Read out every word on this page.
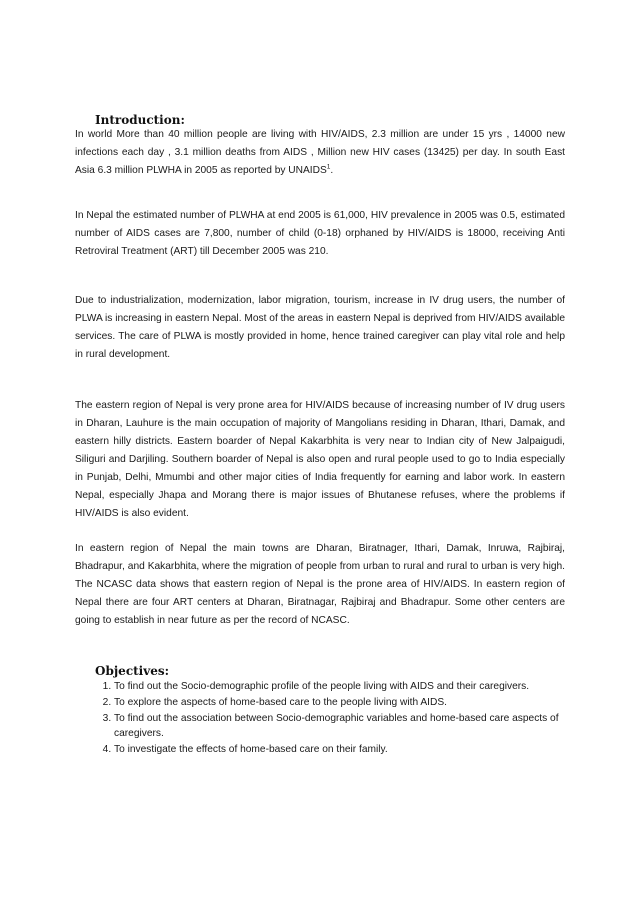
Introduction:

In world More than 40 million people are living with HIV/AIDS, 2.3 million are under 15 yrs , 14000 new infections each day , 3.1 million deaths from AIDS , Million new HIV cases (13425) per day. In south East Asia 6.3 million PLWHA in 2005 as reported by UNAIDS$^1$.

In Nepal the estimated number of PLWHA at end 2005 is 61,000, HIV prevalence in 2005 was 0.5, estimated number of AIDS cases are 7,800, number of child (0-18) orphaned by HIV/AIDS is 18000, receiving Anti Retroviral Treatment (ART) till December 2005 was 210.

Due to industrialization, modernization, labor migration, tourism, increase in IV drug users, the number of PLWA is increasing in eastern Nepal. Most of the areas in eastern Nepal is deprived from HIV/AIDS available services. The care of PLWA is mostly provided in home, hence trained caregiver can play vital role and help in rural development.

The eastern region of Nepal is very prone area for HIV/AIDS because of increasing number of IV drug users in Dharan, Lauhure is the main occupation of majority of Mangolians residing in Dharan, Ithari, Damak, and eastern hilly districts. Eastern boarder of Nepal Kakarbhita is very near to Indian city of New Jalpaigudi, Siliguri and Darjiling. Southern boarder of Nepal is also open and rural people used to go to India especially in Punjab, Delhi, Mmumbi and other major cities of India frequently for earning and labor work. In eastern Nepal, especially Jhapa and Morang there is major issues of Bhutanese refuses, where the problems if HIV/AIDS is also evident.

In eastern region of Nepal the main towns are Dharan, Biratnager, Ithari, Damak, Inruwa, Rajbiraj, Bhadrapur, and Kakarbhita, where the migration of people from urban to rural and rural to urban is very high. The NCASC data shows that eastern region of Nepal is the prone area of HIV/AIDS. In eastern region of Nepal there are four ART centers at Dharan, Biratnagar, Rajbiraj and Bhadrapur. Some other centers are going to establish in near future as per the record of NCASC.

Objectives:
1. To find out the Socio-demographic profile of the people living with AIDS and their caregivers.
2. To explore the aspects of home-based care to the people living with AIDS.
3. To find out the association between Socio-demographic variables and home-based care aspects of caregivers.
4. To investigate the effects of home-based care on their family.
